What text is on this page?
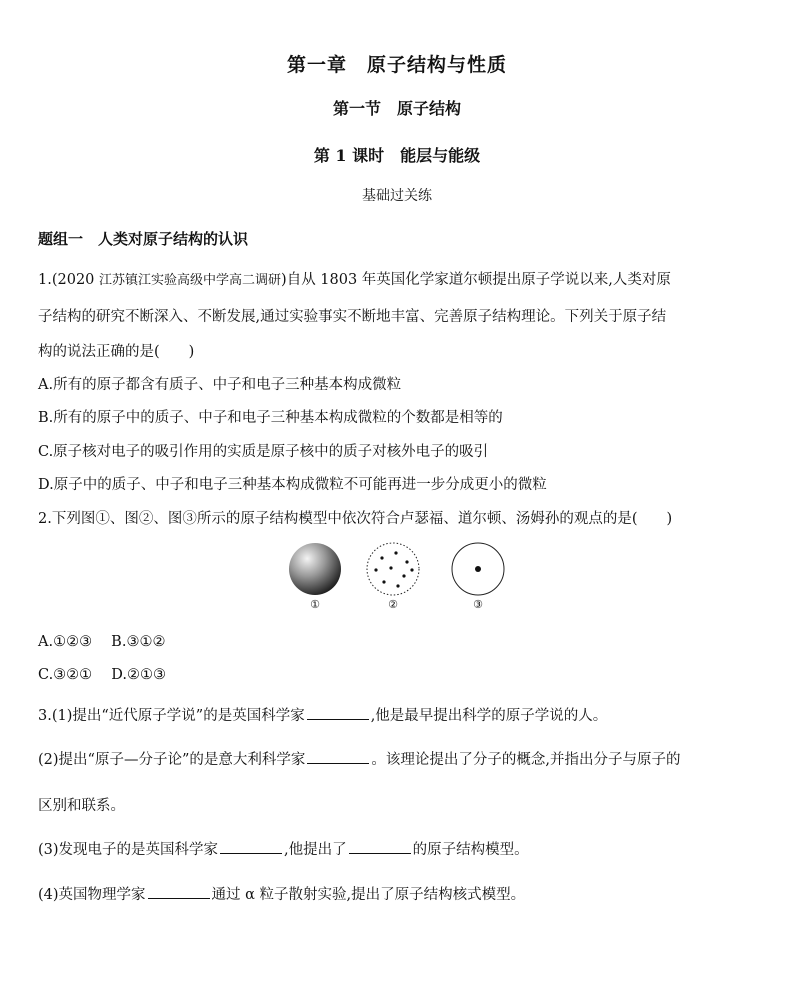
第一章　原子结构与性质
第一节　原子结构
第 1 课时　能层与能级
基础过关练
题组一　人类对原子结构的认识
1.(2020 江苏镇江实验高级中学高二调研)自从 1803 年英国化学家道尔顿提出原子学说以来,人类对原
子结构的研究不断深入、不断发展,通过实验事实不断地丰富、完善原子结构理论。下列关于原子结
构的说法正确的是(　　)
A.所有的原子都含有质子、中子和电子三种基本构成微粒
B.所有的原子中的质子、中子和电子三种基本构成微粒的个数都是相等的
C.原子核对电子的吸引作用的实质是原子核中的质子对核外电子的吸引
D.原子中的质子、中子和电子三种基本构成微粒不可能再进一步分成更小的微粒
2.下列图①、图②、图③所示的原子结构模型中依次符合卢瑟福、道尔顿、汤姆孙的观点的是(　　)
①	②	③
A.①②③　 B.③①②
C.③②①　 D.②①③
3.(1)提出“近代原子学说”的是英国科学家	,他是最早提出科学的原子学说的人。
(2)提出“原子—分子论”的是意大利科学家	。该理论提出了分子的概念,并指出分子与原子的
区别和联系。
(3)发现电子的是英国科学家	,他提出了	的原子结构模型。
(4)英国物理学家	通过 α 粒子散射实验,提出了原子结构核式模型。
